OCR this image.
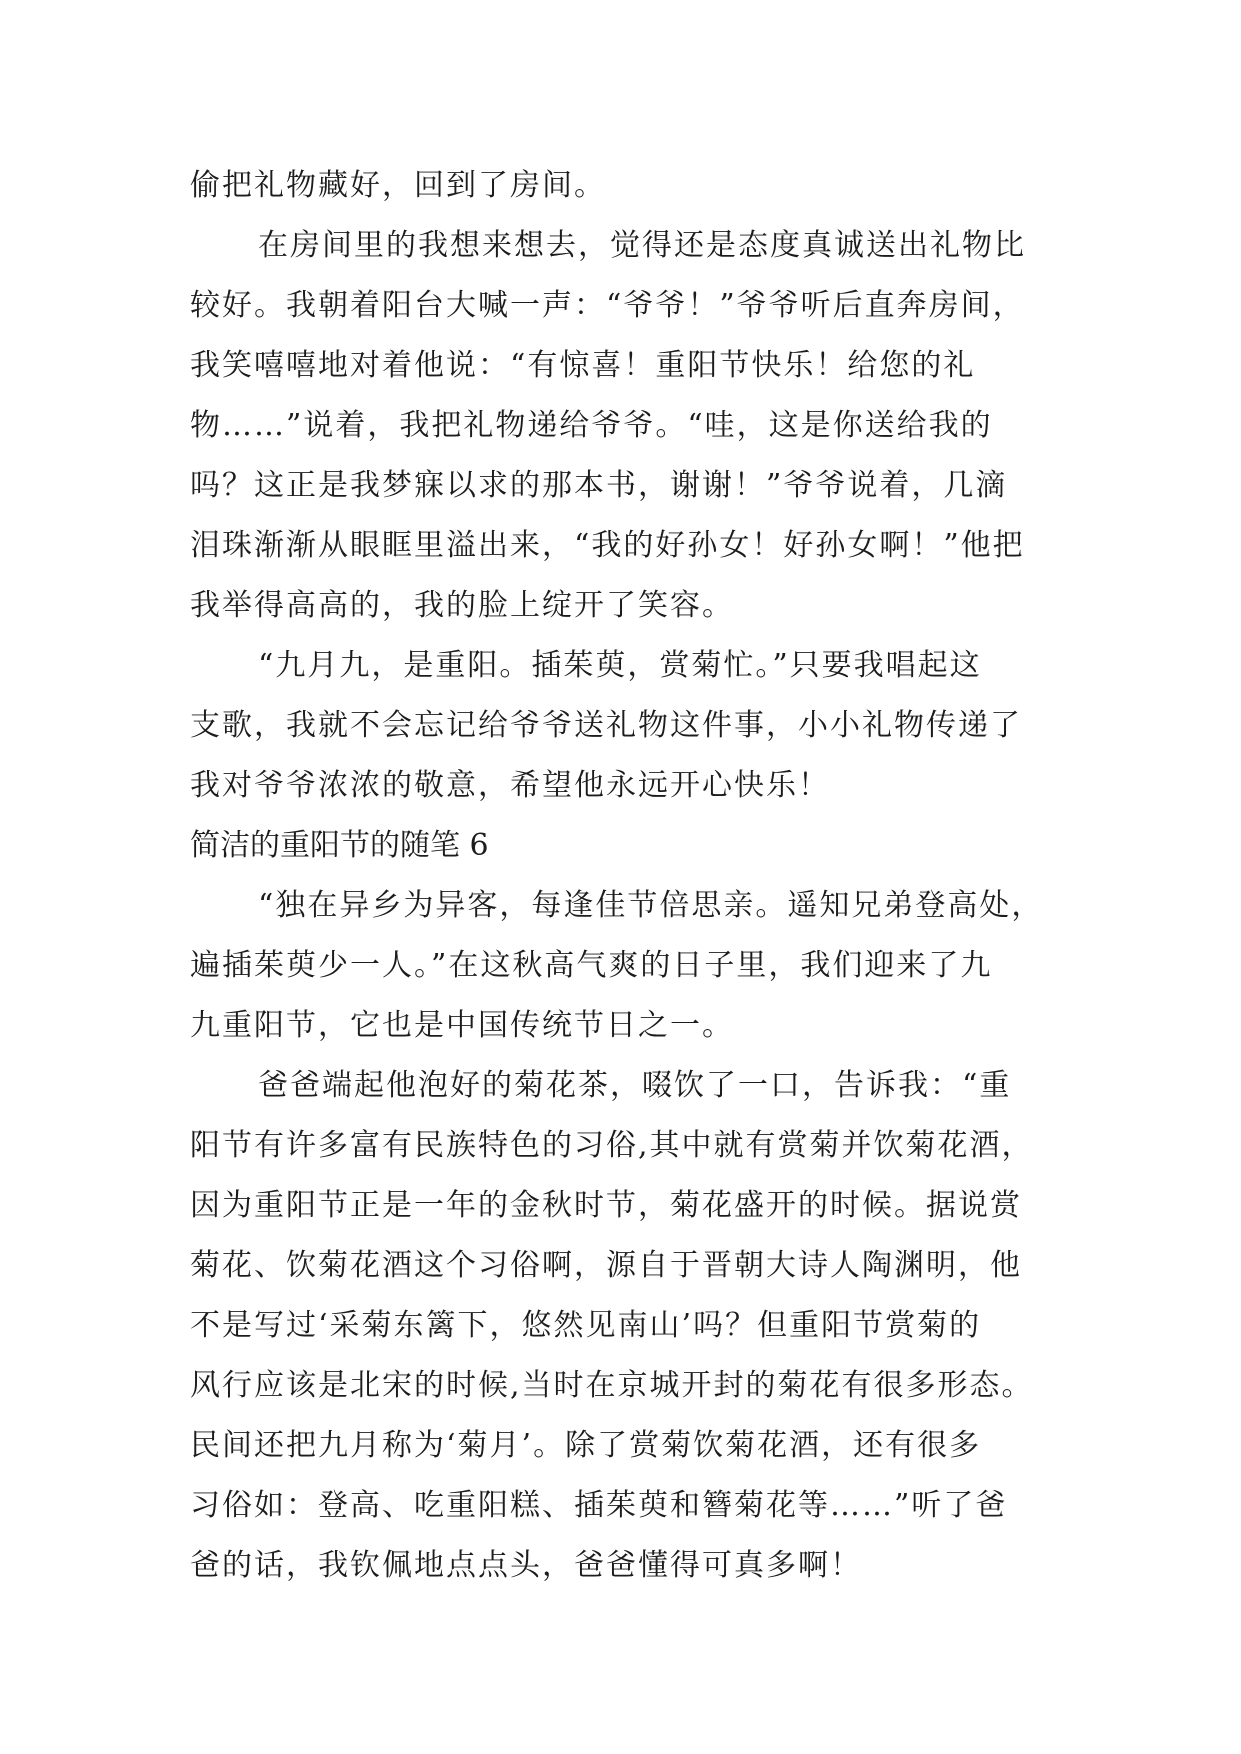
偷把礼物藏好，回到了房间。
在房间里的我想来想去，觉得还是态度真诚送出礼物比
较好。我朝着阳台大喊一声：“爷爷！”爷爷听后直奔房间，
我笑嘻嘻地对着他说：“有惊喜！重阳节快乐！给您的礼
物……”说着，我把礼物递给爷爷。“哇，这是你送给我的
吗？这正是我梦寐以求的那本书，谢谢！”爷爷说着，几滴
泪珠渐渐从眼眶里溢出来，“我的好孙女！好孙女啊！”他把
我举得高高的，我的脸上绽开了笑容。
“九月九，是重阳。插茱萸，赏菊忙。”只要我唱起这
支歌，我就不会忘记给爷爷送礼物这件事，小小礼物传递了
我对爷爷浓浓的敬意，希望他永远开心快乐！
简洁的重阳节的随笔 6
“独在异乡为异客，每逢佳节倍思亲。遥知兄弟登高处，
遍插茱萸少一人。”在这秋高气爽的日子里，我们迎来了九
九重阳节，它也是中国传统节日之一。
爸爸端起他泡好的菊花茶，啜饮了一口，告诉我：“重
阳节有许多富有民族特色的习俗,其中就有赏菊并饮菊花酒，
因为重阳节正是一年的金秋时节，菊花盛开的时候。据说赏
菊花、饮菊花酒这个习俗啊，源自于晋朝大诗人陶渊明，他
不是写过‘采菊东篱下，悠然见南山’吗？但重阳节赏菊的
风行应该是北宋的时候,当时在京城开封的菊花有很多形态。
民间还把九月称为‘菊月’。除了赏菊饮菊花酒，还有很多
习俗如：登高、吃重阳糕、插茱萸和簪菊花等……”听了爸
爸的话，我钦佩地点点头，爸爸懂得可真多啊！
